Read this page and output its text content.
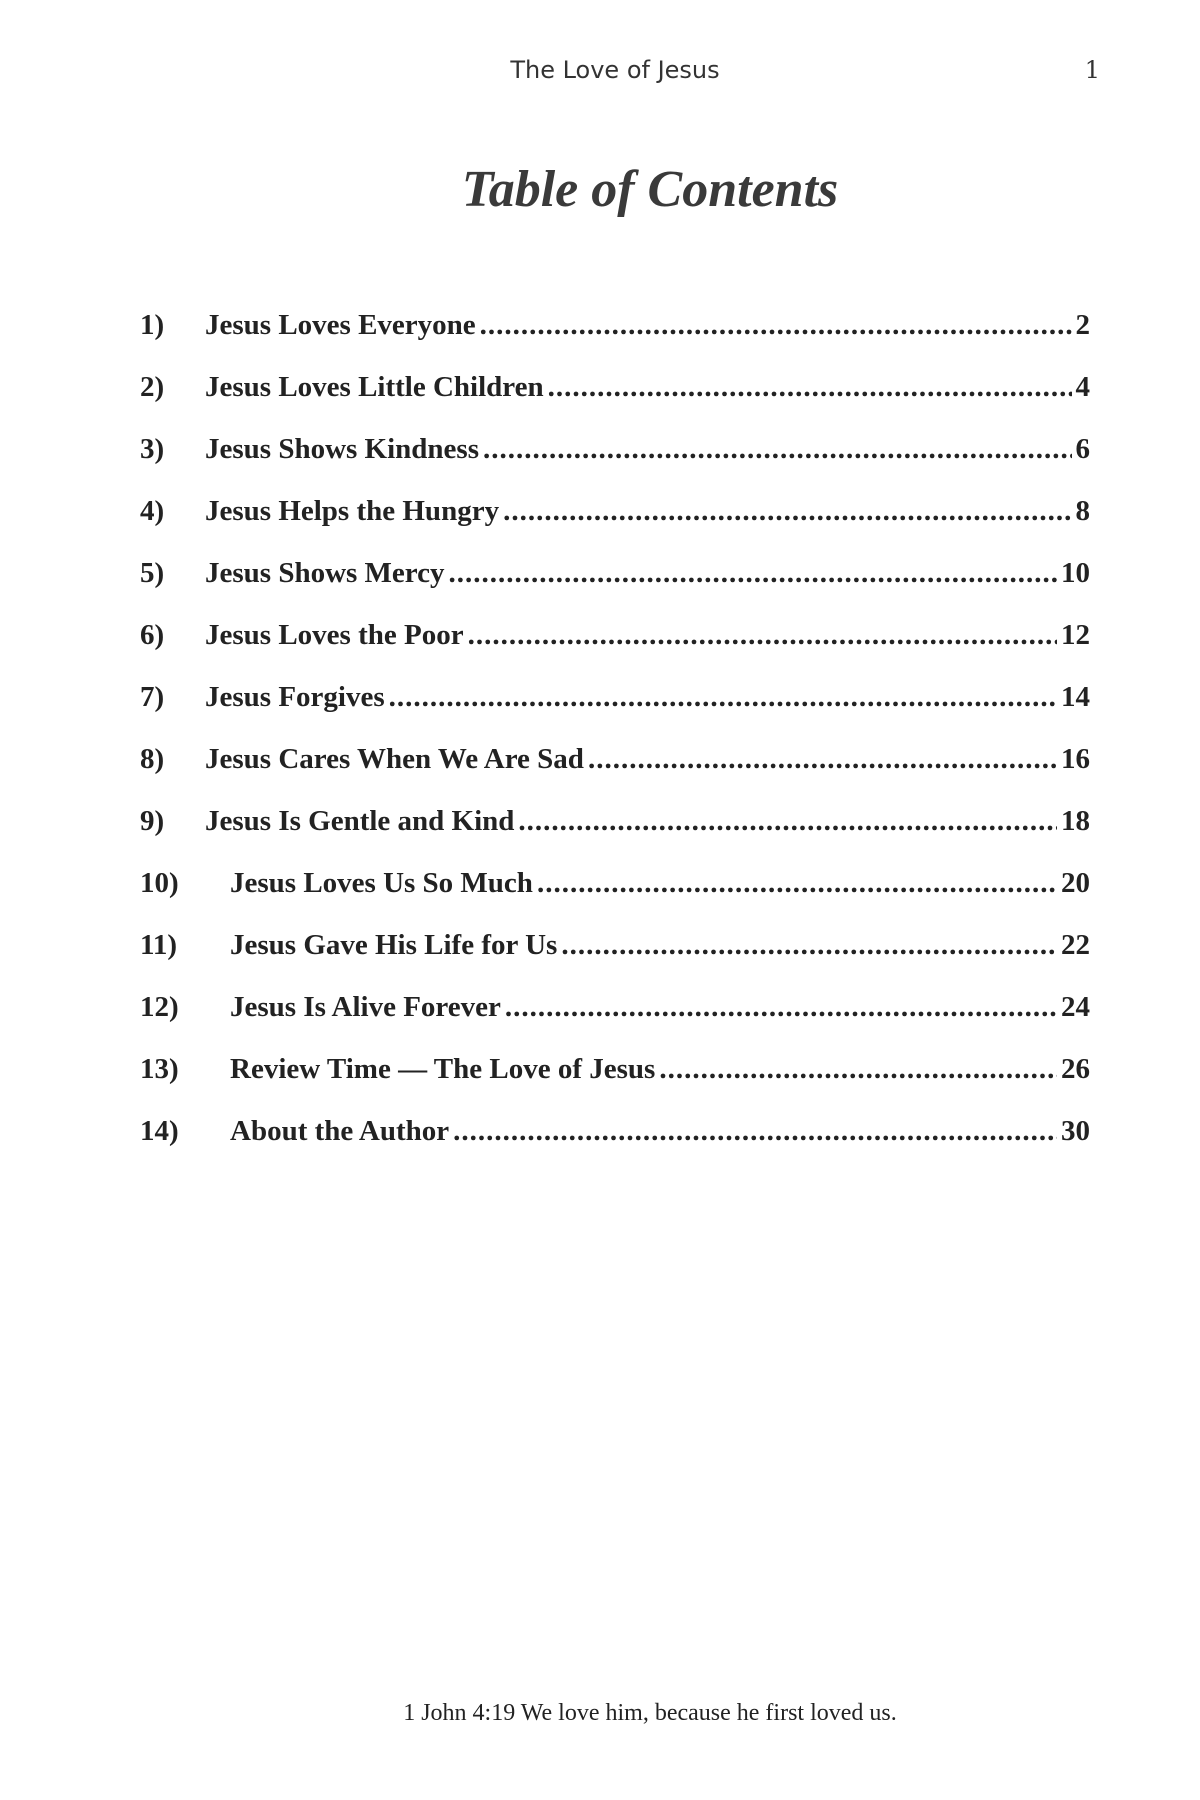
The Love of Jesus	1
Table of Contents
1) Jesus Loves Everyone .....	2
2) Jesus Loves Little Children .....	4
3) Jesus Shows Kindness .....	6
4) Jesus Helps the Hungry .....	8
5) Jesus Shows Mercy .....	10
6) Jesus Loves the Poor .....	12
7) Jesus Forgives .....	14
8) Jesus Cares When We Are Sad .....	16
9) Jesus Is Gentle and Kind .....	18
10) Jesus Loves Us So Much .....	20
11) Jesus Gave His Life for Us .....	22
12) Jesus Is Alive Forever .....	24
13) Review Time — The Love of Jesus .....	26
14) About the Author .....	30
1 John 4:19 We love him, because he first loved us.
